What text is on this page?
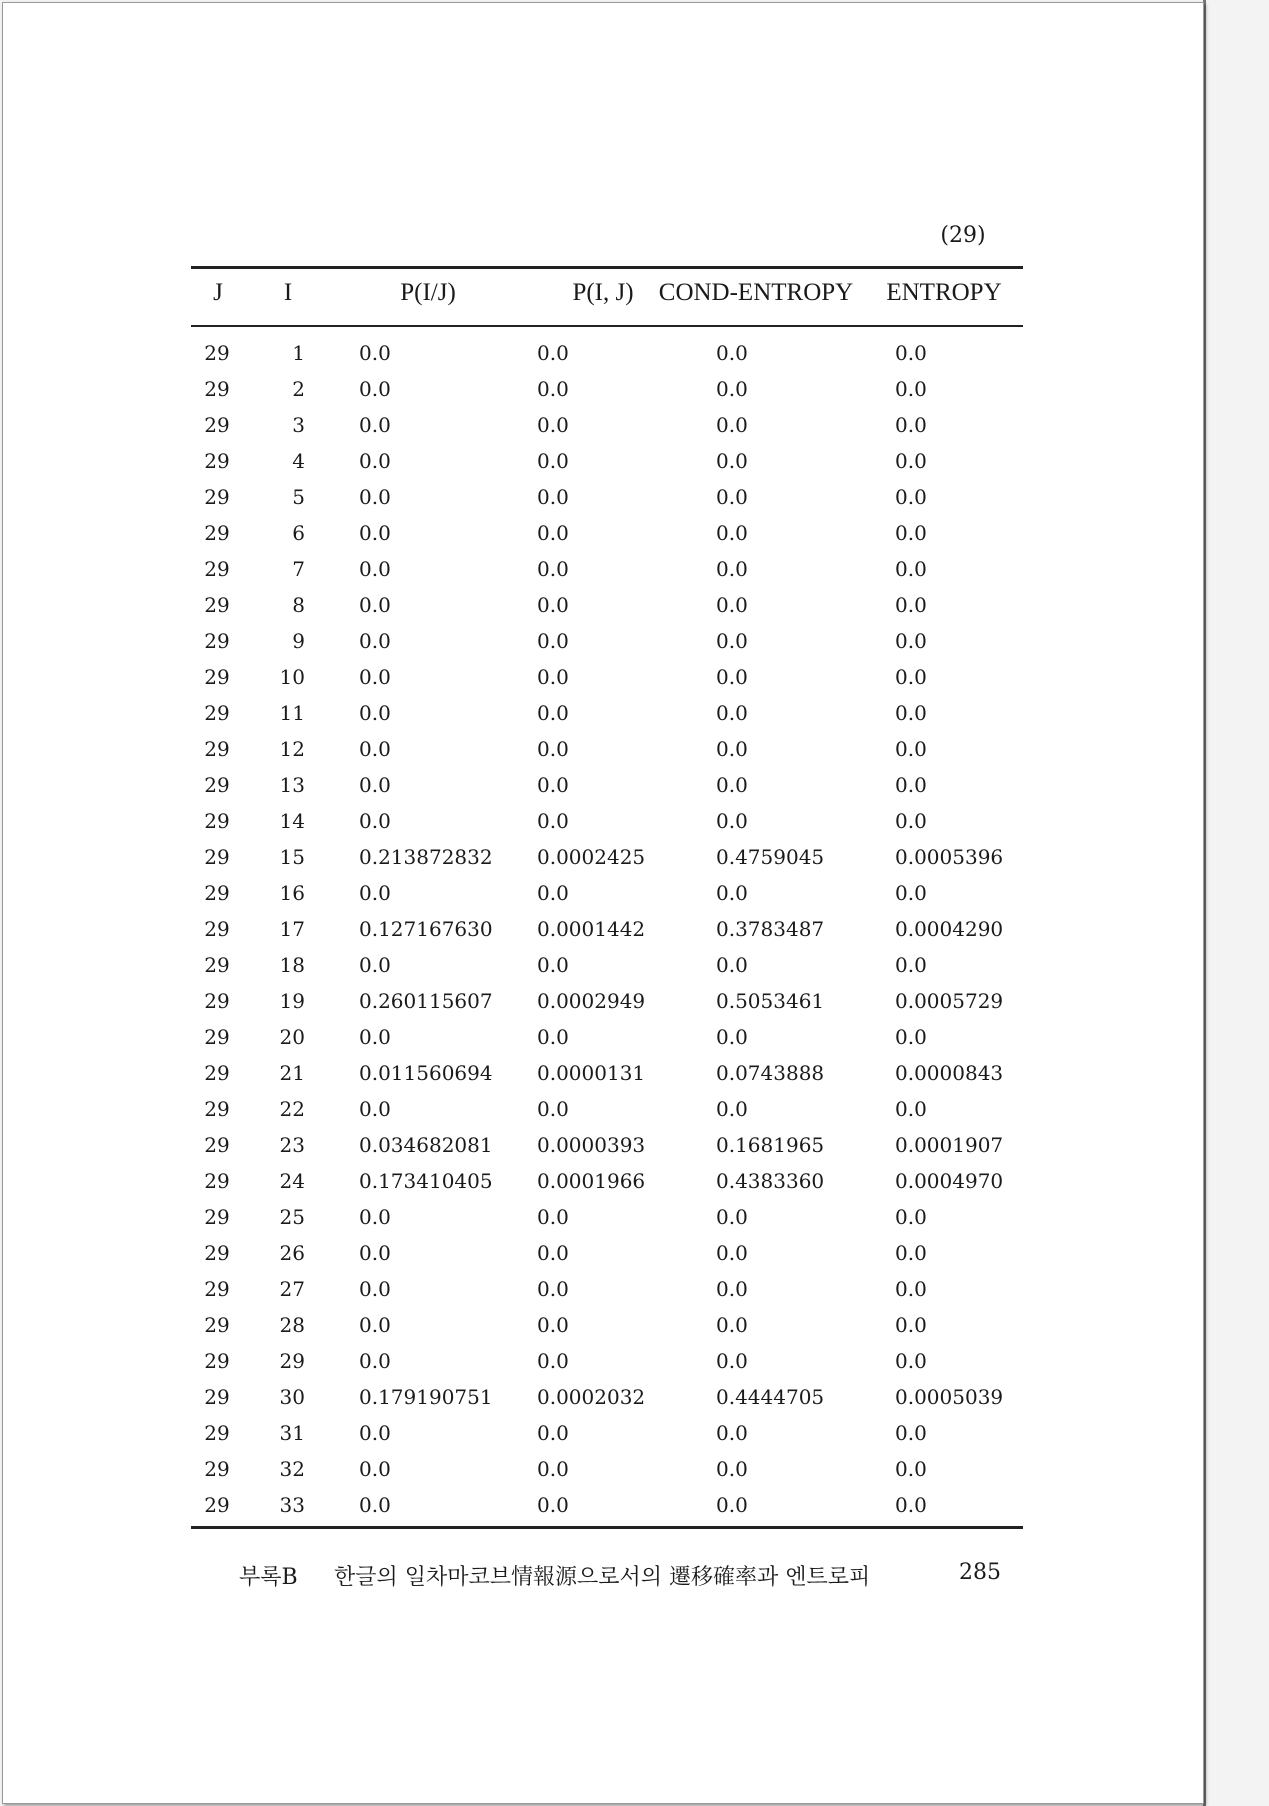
(29)
J	I	P(I/J)	P(I, J)	COND-ENTROPY	ENTROPY
29	1	0.0	0.0	0.0	0.0
29	2	0.0	0.0	0.0	0.0
29	3	0.0	0.0	0.0	0.0
29	4	0.0	0.0	0.0	0.0
29	5	0.0	0.0	0.0	0.0
29	6	0.0	0.0	0.0	0.0
29	7	0.0	0.0	0.0	0.0
29	8	0.0	0.0	0.0	0.0
29	9	0.0	0.0	0.0	0.0
29	10	0.0	0.0	0.0	0.0
29	11	0.0	0.0	0.0	0.0
29	12	0.0	0.0	0.0	0.0
29	13	0.0	0.0	0.0	0.0
29	14	0.0	0.0	0.0	0.0
29	15	0.213872832 0.0002425	0.4759045	0.0005396
29	16	0.0	0.0	0.0	0.0
29	17	0.127167630 0.0001442	0.3783487	0.0004290
29	18	0.0	0.0	0.0	0.0
29	19	0.260115607 0.0002949	0.5053461	0.0005729
29	20	0.0	0.0	0.0	0.0
29	21	0.011560694 0.0000131	0.0743888	0.0000843
29	22	0.0	0.0	0.0	0.0
29	23	0.034682081 0.0000393	0.1681965	0.0001907
29	24	0.173410405 0.0001966	0.4383360	0.0004970
29	25	0.0	0.0	0.0	0.0
29	26	0.0	0.0	0.0	0.0
29	27	0.0	0.0	0.0	0.0
29	28	0.0	0.0	0.0	0.0
29	29	0.0	0.0	0.0	0.0
29	30	0.179190751 0.0002032	0.4444705	0.0005039
29	31	0.0	0.0	0.0	0.0
29	32	0.0	0.0	0.0	0.0
29	33	0.0	0.0	0.0	0.0
부록B 한글의 일차마코브情報源으로서의 遷移確率과 엔트로피	285
